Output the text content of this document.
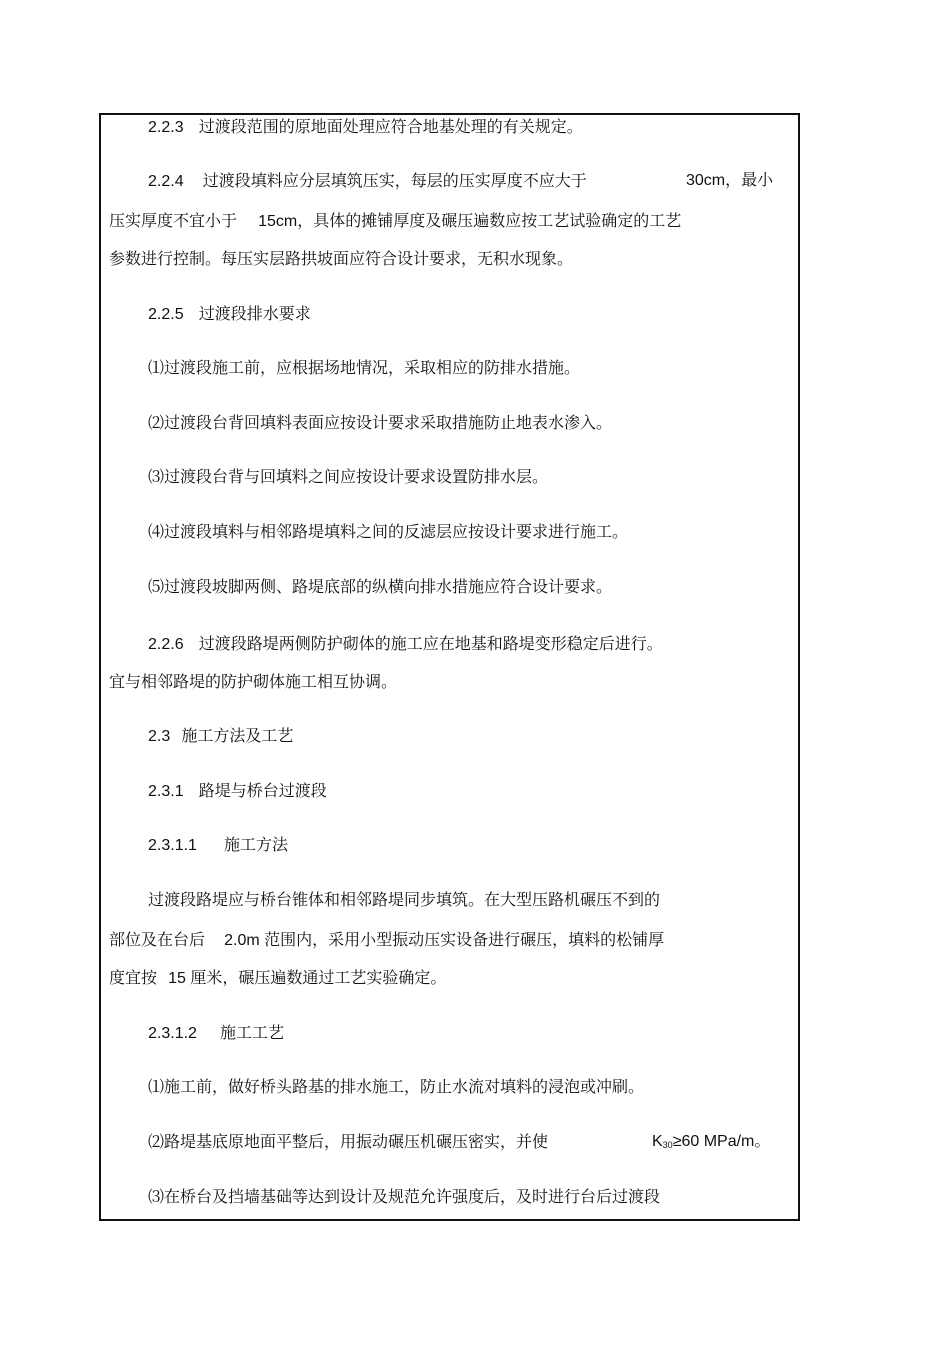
2.2.3 过渡段范围的原地面处理应符合地基处理的有关规定。
2.2.4 过渡段填料应分层填筑压实，每层的压实厚度不应大于	30cm，最小
压实厚度不宜小于 15cm，具体的摊铺厚度及碾压遍数应按工艺试验确定的工艺
参数进行控制。每压实层路拱坡面应符合设计要求，无积水现象。
2.2.5 过渡段排水要求
⑴过渡段施工前，应根据场地情况，采取相应的防排水措施。
⑵过渡段台背回填料表面应按设计要求采取措施防止地表水渗入。
⑶过渡段台背与回填料之间应按设计要求设置防排水层。
⑷过渡段填料与相邻路堤填料之间的反滤层应按设计要求进行施工。
⑸过渡段坡脚两侧、路堤底部的纵横向排水措施应符合设计要求。
2.2.6 过渡段路堤两侧防护砌体的施工应在地基和路堤变形稳定后进行。
宜与相邻路堤的防护砌体施工相互协调。
2.3 施工方法及工艺
2.3.1 路堤与桥台过渡段
2.3.1.1 施工方法
过渡段路堤应与桥台锥体和相邻路堤同步填筑。在大型压路机碾压不到的
部位及在台后 2.0m 范围内，采用小型振动压实设备进行碾压，填料的松铺厚
度宜按 15 厘米，碾压遍数通过工艺实验确定。
2.3.1.2 施工工艺
⑴施工前，做好桥头路基的排水施工，防止水流对填料的浸泡或冲刷。
⑵路堤基底原地面平整后，用振动碾压机碾压密实，并使	$K_{30}\ge 60$ MPa/m。
⑶在桥台及挡墙基础等达到设计及规范允许强度后，及时进行台后过渡段
